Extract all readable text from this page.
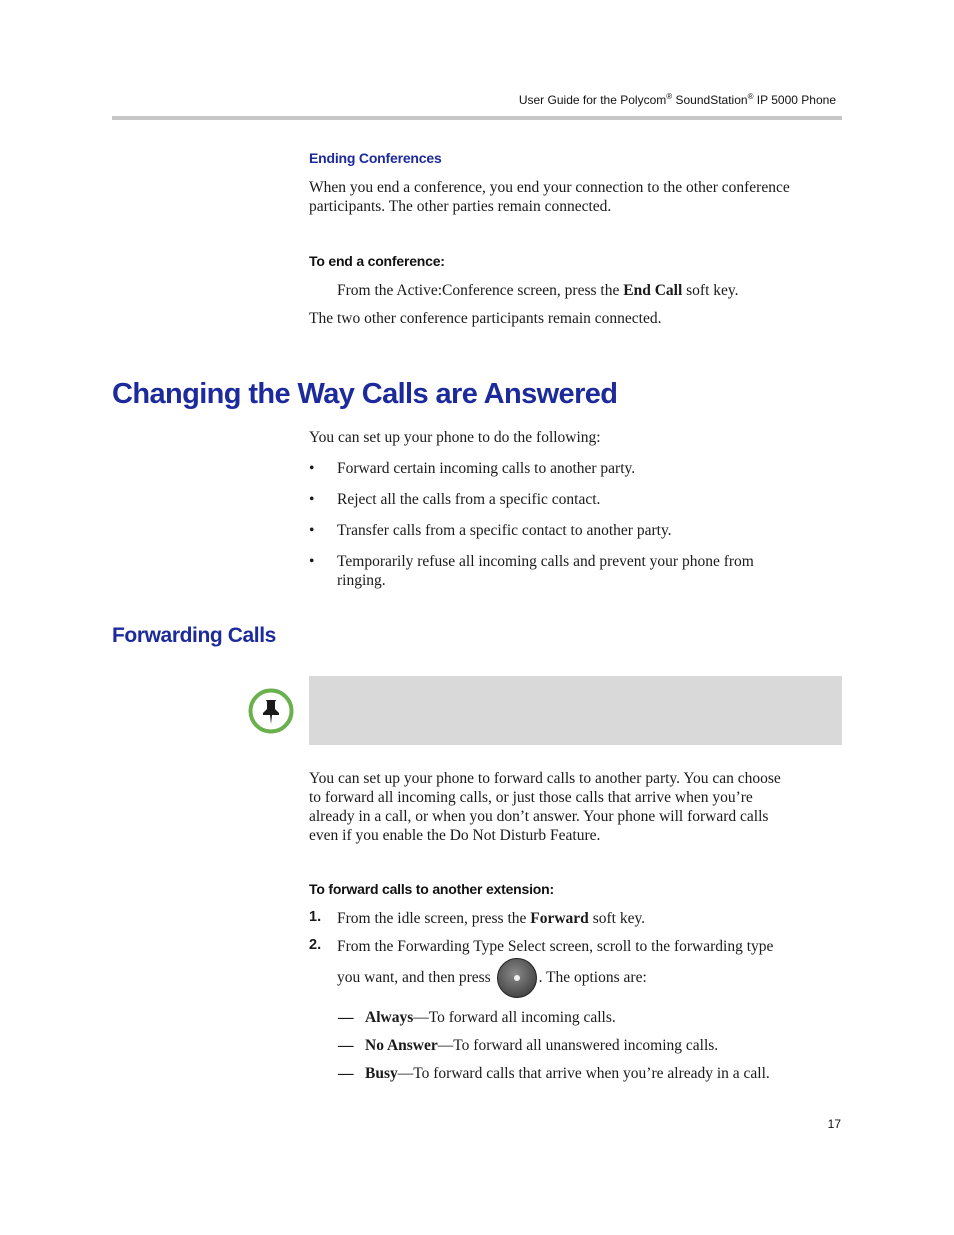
User Guide for the Polycom® SoundStation® IP 5000 Phone
Ending Conferences
When you end a conference, you end your connection to the other conference
participants. The other parties remain connected.
To end a conference:
From the Active:Conference screen, press the End Call soft key.
The two other conference participants remain connected.
Changing the Way Calls are Answered
You can set up your phone to do the following:
• Forward certain incoming calls to another party.
• Reject all the calls from a specific contact.
• Transfer calls from a specific contact to another party.
• Temporarily refuse all incoming calls and prevent your phone from
ringing.
Forwarding Calls
You can set up your phone to forward calls to another party. You can choose
to forward all incoming calls, or just those calls that arrive when you’re
already in a call, or when you don’t answer. Your phone will forward calls
even if you enable the Do Not Disturb Feature.
To forward calls to another extension:
1. From the idle screen, press the Forward soft key.
2. From the Forwarding Type Select screen, scroll to the forwarding type
you want, and then press	. The options are:
— Always—To forward all incoming calls.
— No Answer—To forward all unanswered incoming calls.
— Busy—To forward calls that arrive when you’re already in a call.
17
